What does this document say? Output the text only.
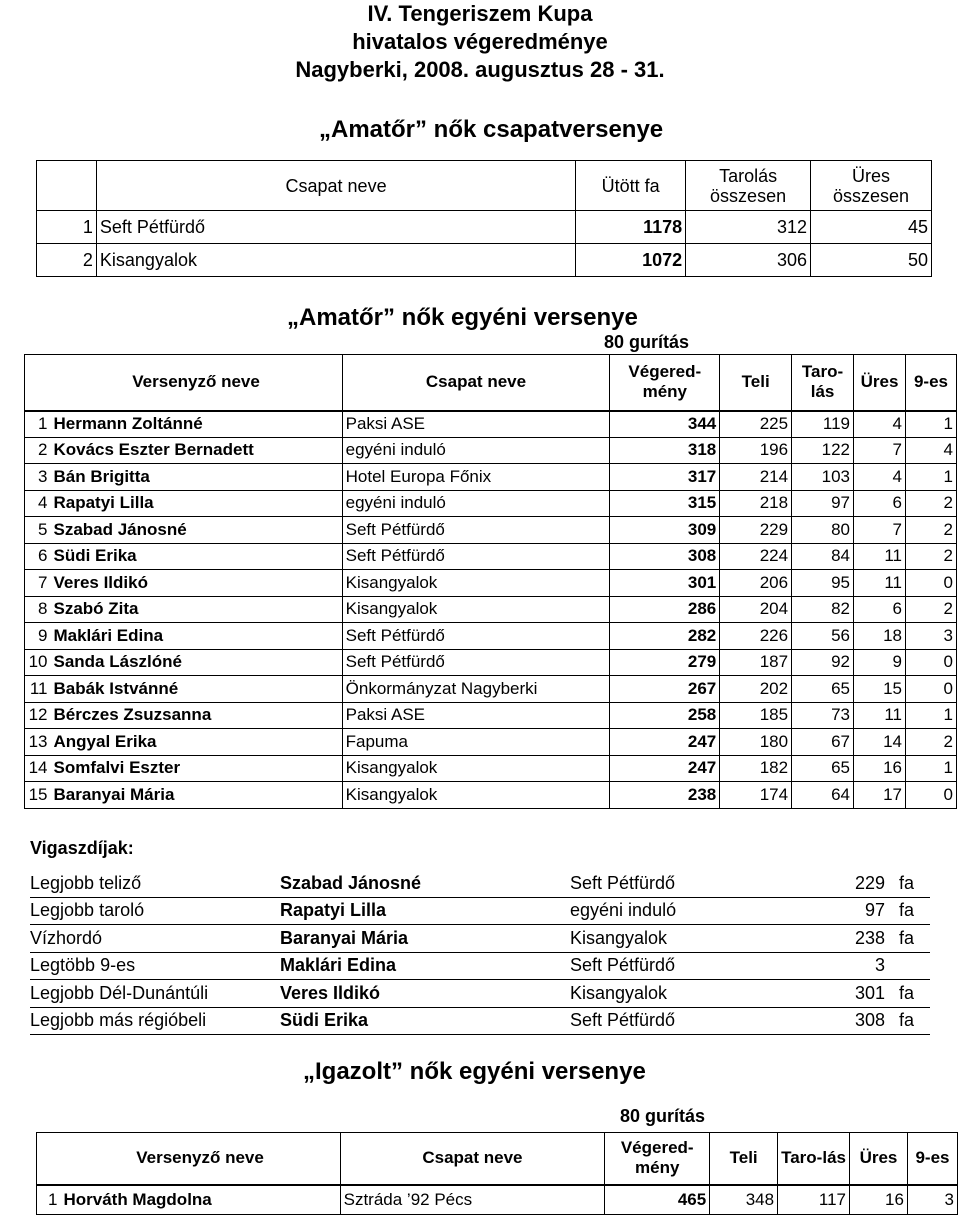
IV. Tengeriszem Kupa
hivatalos végeredménye
Nagyberki, 2008. augusztus 28 - 31.
„Amatőr” nők csapatversenye
	Csapat neve	Ütött fa	Tarolás összesen	Üres összesen
1	Seft Pétfürdő	1178	312	45
2	Kisangyalok	1072	306	50
„Amatőr” nők egyéni versenye
80 gurítás
	Versenyző neve	Csapat neve	Végered-mény	Teli	Taro-lás	Üres	9-es
1	Hermann Zoltánné	Paksi ASE	344	225	119	4	1
2	Kovács Eszter Bernadett	egyéni induló	318	196	122	7	4
3	Bán Brigitta	Hotel Europa Főnix	317	214	103	4	1
4	Rapatyi Lilla	egyéni induló	315	218	97	6	2
5	Szabad Jánosné	Seft Pétfürdő	309	229	80	7	2
6	Südi Erika	Seft Pétfürdő	308	224	84	11	2
7	Veres Ildikó	Kisangyalok	301	206	95	11	0
8	Szabó Zita	Kisangyalok	286	204	82	6	2
9	Maklári Edina	Seft Pétfürdő	282	226	56	18	3
10	Sanda Lászlóné	Seft Pétfürdő	279	187	92	9	0
11	Babák Istvánné	Önkormányzat Nagyberki	267	202	65	15	0
12	Bérczes Zsuzsanna	Paksi ASE	258	185	73	11	1
13	Angyal Erika	Fapuma	247	180	67	14	2
14	Somfalvi Eszter	Kisangyalok	247	182	65	16	1
15	Baranyai Mária	Kisangyalok	238	174	64	17	0
Vigaszdíjak:
Legjobb teliző	Szabad Jánosné	Seft Pétfürdő	229	fa
Legjobb taroló	Rapatyi Lilla	egyéni induló	97	fa
Vízhordó	Baranyai Mária	Kisangyalok	238	fa
Legtöbb 9-es	Maklári Edina	Seft Pétfürdő	3	
Legjobb Dél-Dunántúli	Veres Ildikó	Kisangyalok	301	fa
Legjobb más régióbeli	Südi Erika	Seft Pétfürdő	308	fa
„Igazolt” nők egyéni versenye
80 gurítás
	Versenyző neve	Csapat neve	Végered-mény	Teli	Taro-lás	Üres	9-es
1	Horváth Magdolna	Sztráda ’92 Pécs	465	348	117	16	3
